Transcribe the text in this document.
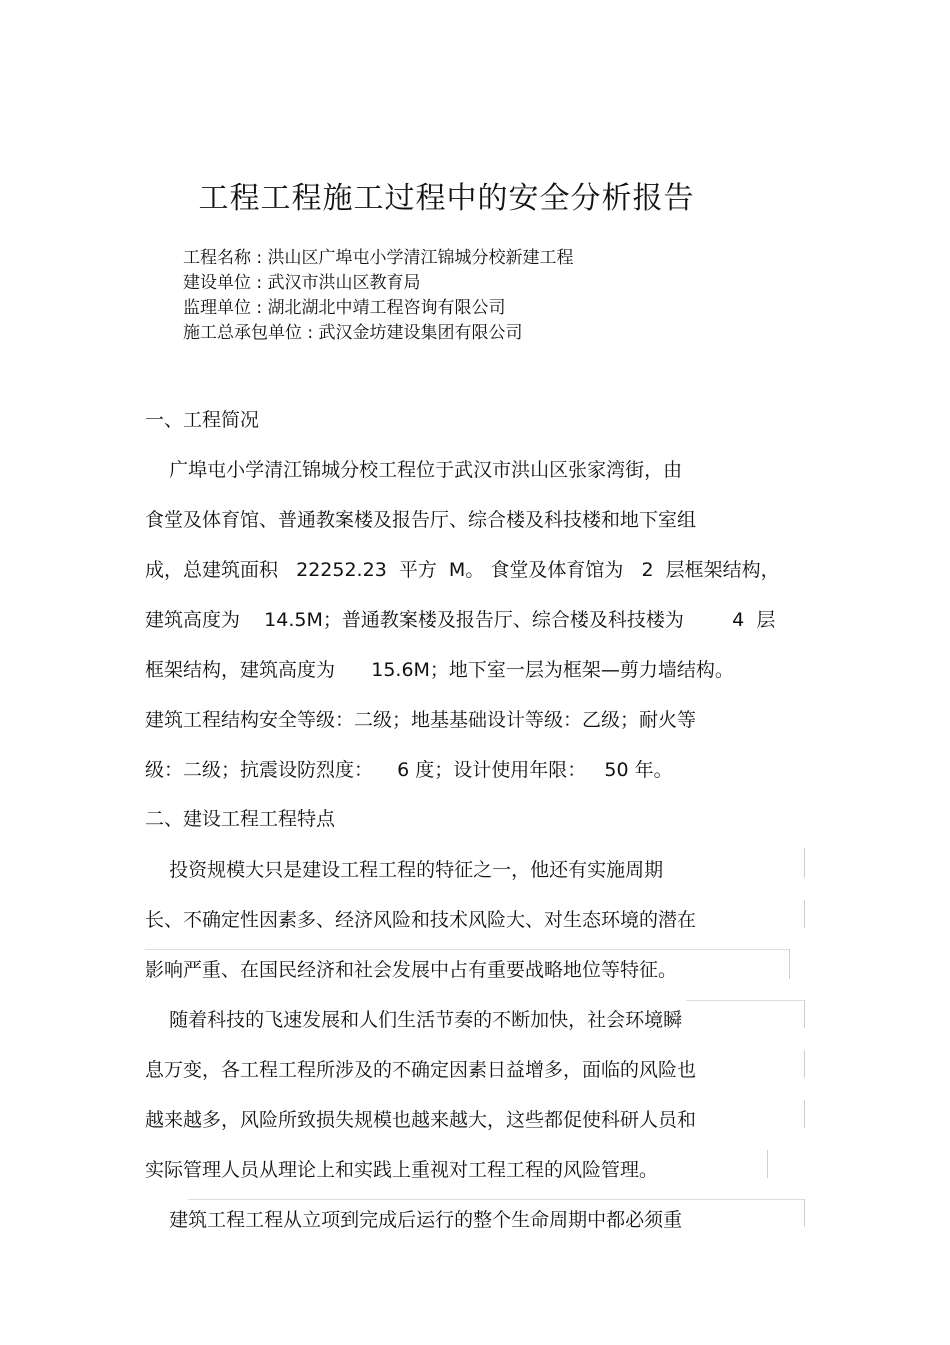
工程工程施工过程中的安全分析报告
工程名称 : 洪山区广埠屯小学清江锦城分校新建工程
建设单位 : 武汉市洪山区教育局
监理单位 : 湖北湖北中靖工程咨询有限公司
施工总承包单位 : 武汉金坊建设集团有限公司
一、工程简况
广埠屯小学清江锦城分校工程位于武汉市洪山区张家湾街，由
食堂及体育馆、普通教案楼及报告厅、综合楼及科技楼和地下室组
成，总建筑面积   22252.23  平方  M。 食堂及体育馆为   2  层框架结构，
建筑高度为    14.5M；普通教案楼及报告厅、综合楼及科技楼为        4  层
框架结构，建筑高度为      15.6M；地下室一层为框架—剪力墙结构。
建筑工程结构安全等级：二级；地基基础设计等级：乙级；耐火等
级：二级；抗震设防烈度：    6 度；设计使用年限：   50 年。
二、建设工程工程特点
投资规模大只是建设工程工程的特征之一，他还有实施周期
长、不确定性因素多、经济风险和技术风险大、对生态环境的潜在
影响严重、在国民经济和社会发展中占有重要战略地位等特征。
随着科技的飞速发展和人们生活节奏的不断加快，社会环境瞬
息万变，各工程工程所涉及的不确定因素日益增多，面临的风险也
越来越多，风险所致损失规模也越来越大，这些都促使科研人员和
实际管理人员从理论上和实践上重视对工程工程的风险管理。
建筑工程工程从立项到完成后运行的整个生命周期中都必须重
